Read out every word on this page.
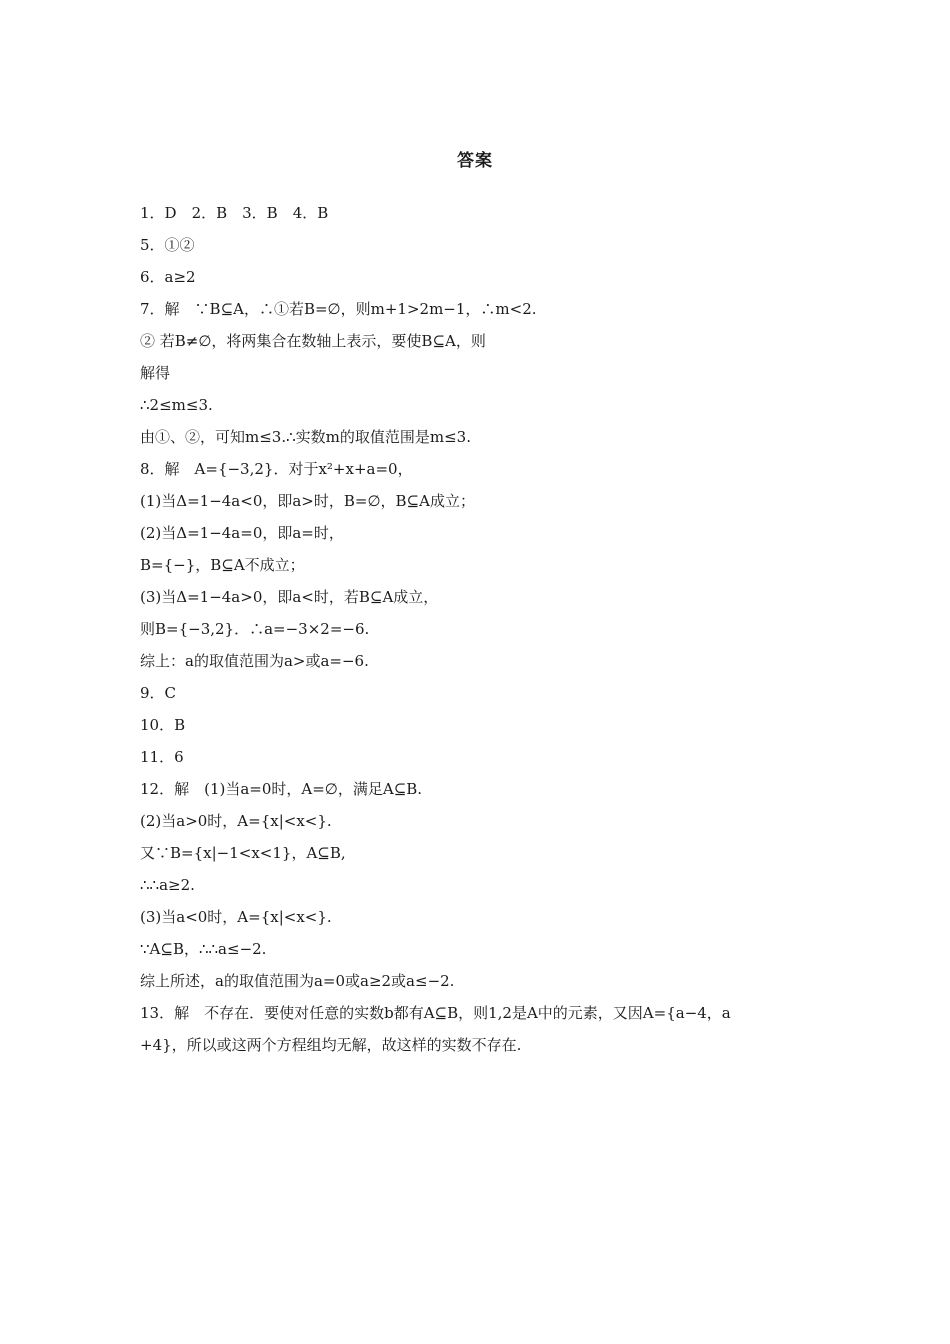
答案
1．D　2．B　3．B　4．B
5．①②
6．a≥2
7．解　∵B⊆A，∴①若B=∅，则m+1>2m−1，∴m<2.
② 若B≠∅，将两集合在数轴上表示，要使B⊆A，则
解得
∴2≤m≤3.
由①、②，可知m≤3.∴实数m的取值范围是m≤3.
8．解　A={−3,2}．对于x²+x+a=0，
(1)当Δ=1−4a<0，即a>时，B=∅，B⊆A成立；
(2)当Δ=1−4a=0，即a=时，
B={−}，B⊆A不成立；
(3)当Δ=1−4a>0，即a<时，若B⊆A成立，
则B={−3,2}．∴a=−3×2=−6.
综上：a的取值范围为a>或a=−6.
9．C
10．B
11．6
12．解　(1)当a=0时，A=∅，满足A⊆B.
(2)当a>0时，A={x|<x<}.
又∵B={x|−1<x<1}，A⊆B,
∴∴a≥2.
(3)当a<0时，A={x|<x<}.
∵A⊆B，∴∴a≤−2.
综上所述，a的取值范围为a=0或a≥2或a≤−2.
13．解　不存在．要使对任意的实数b都有A⊆B，则1,2是A中的元素，又因A={a−4，a
+4}，所以或这两个方程组均无解，故这样的实数不存在.
